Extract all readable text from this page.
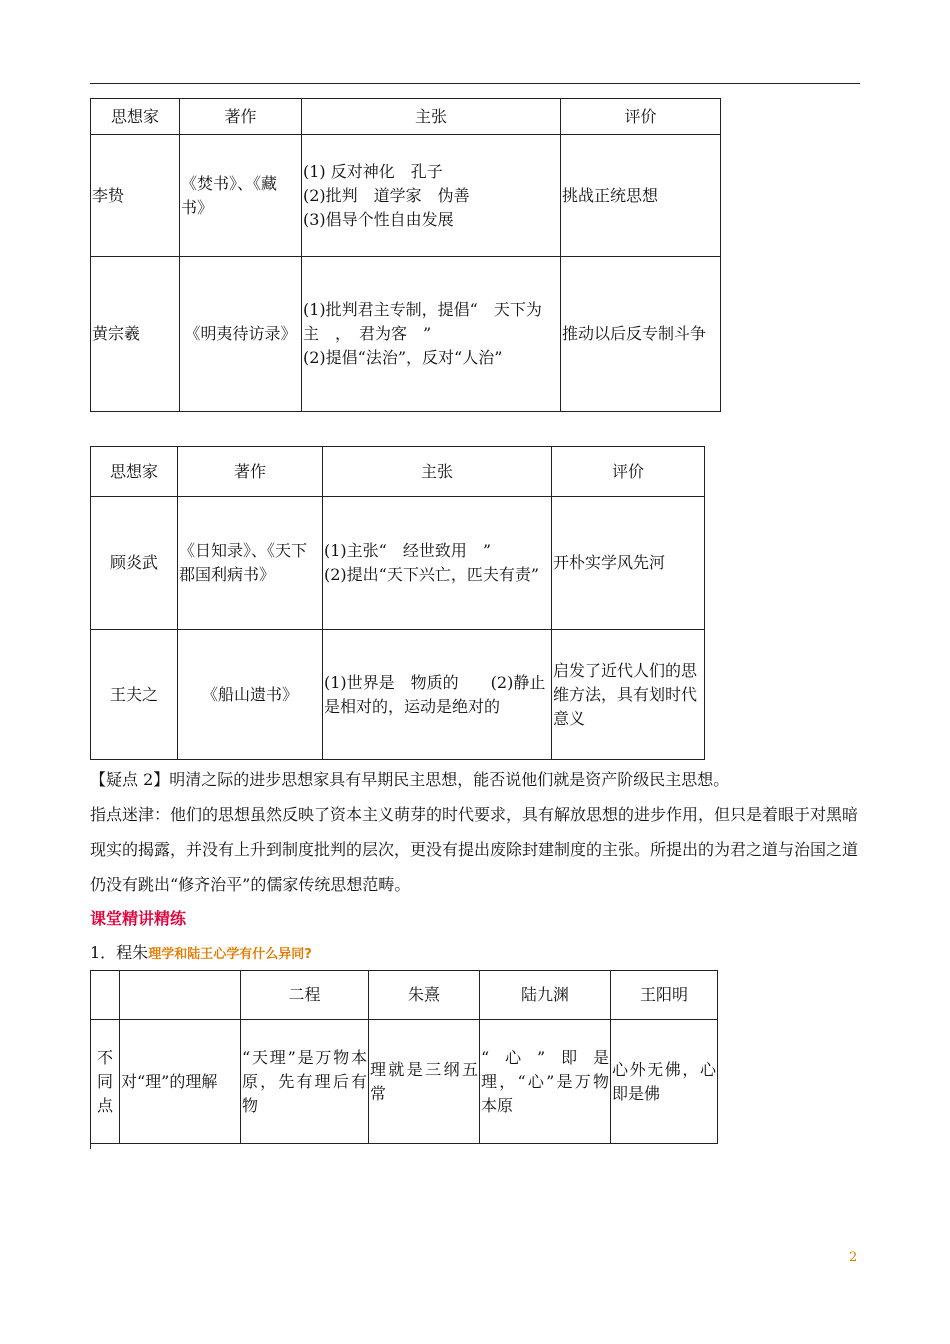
思想家	著作	主张	评价
李贽	《焚书》、《藏书》	(1) 反对神化　孔子
(2)批判　道学家　伪善
(3)倡导个性自由发展	挑战正统思想
黄宗羲	《明夷待访录》	(1)批判君主专制，提倡“　天下为主　，　君为客　”
(2)提倡“法治”，反对“人治”	推动以后反专制斗争
思想家	著作	主张	评价
顾炎武	《日知录》、《天下郡国利病书》	(1)主张“　经世致用　”
(2)提出“天下兴亡，匹夫有责”	开朴实学风先河
王夫之	《船山遗书》	(1)世界是　物质的　　(2)静止是相对的，运动是绝对的	启发了近代人们的思维方法，具有划时代意义

【疑点 2】明清之际的进步思想家具有早期民主思想，能否说他们就是资产阶级民主思想。

指点迷津：他们的思想虽然反映了资本主义萌芽的时代要求，具有解放思想的进步作用，但只是着眼于对黑暗现实的揭露，并没有上升到制度批判的层次，更没有提出废除封建制度的主张。所提出的为君之道与治国之道仍没有跳出“修齐治平”的儒家传统思想范畴。

课堂精讲精练
1．程朱理学和陆王心学有什么异同?
		二程	朱熹	陆九渊	王阳明

不
同
点	对“理”的理解	“天理”是万物本原，先有理后有物	理就是三纲五常	“心”即是理，“心”是万物本原	心外无佛，心即是佛
2
